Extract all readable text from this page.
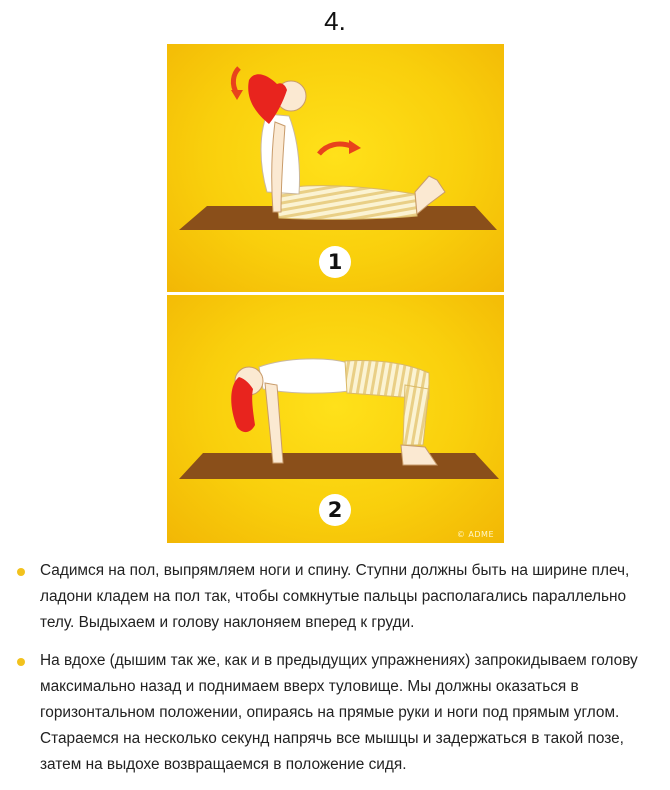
4.
1
2
© ADME
Садимся на пол, выпрямляем ноги и спину. Ступни должны быть на ширине плеч, ладони кладем на пол так, чтобы сомкнутые пальцы располагались параллельно телу. Выдыхаем и голову наклоняем вперед к груди.
На вдохе (дышим так же, как и в предыдущих упражнениях) запрокидываем голову максимально назад и поднимаем вверх туловище. Мы должны оказаться в горизонтальном положении, опираясь на прямые руки и ноги под прямым углом. Стараемся на несколько секунд напрячь все мышцы и задержаться в такой позе, затем на выдохе возвращаемся в положение сидя.
